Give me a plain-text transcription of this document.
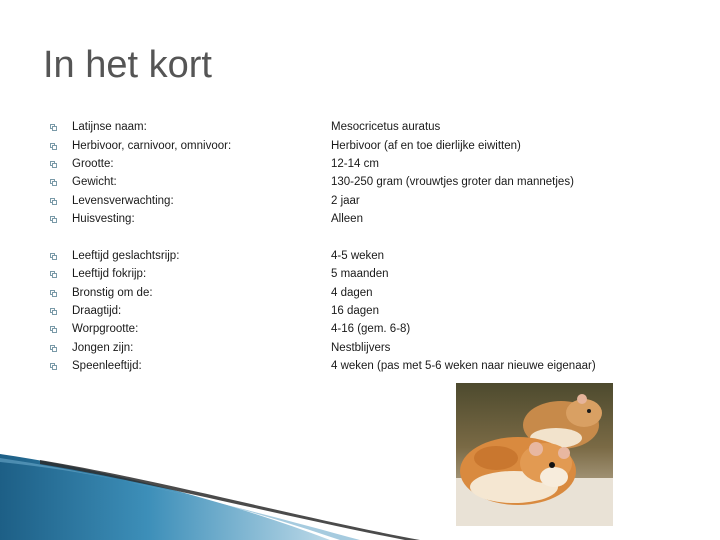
In het kort
Latijnse naam:	Mesocricetus auratus
Herbivoor, carnivoor, omnivoor:	Herbivoor (af en toe dierlijke eiwitten)
Grootte:	12-14 cm
Gewicht:	130-250 gram (vrouwtjes groter dan mannetjes)
Levensverwachting:	2 jaar
Huisvesting:	Alleen
Leeftijd geslachtsrijp:	4-5 weken
Leeftijd fokrijp:	5 maanden
Bronstig om de:	4 dagen
Draagtijd:	16 dagen
Worpgrootte:	4-16 (gem. 6-8)
Jongen zijn:	Nestblijvers
Speenleeftijd:	4 weken (pas met 5-6 weken naar nieuwe eigenaar)
